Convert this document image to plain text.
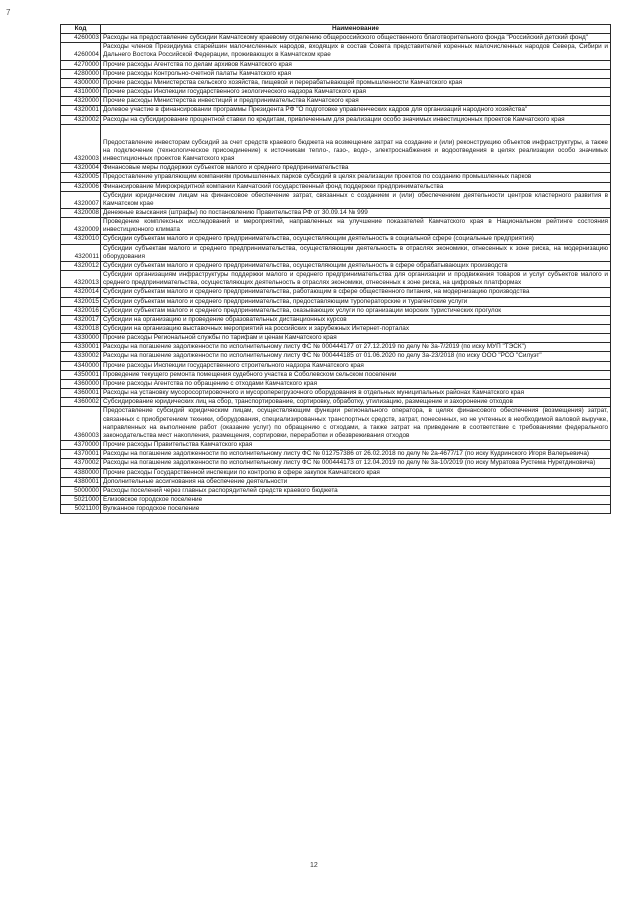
7
Код	Наименование
4260003	Расходы на предоставление субсидии Камчатскому краевому отделению общероссийского общественного благотворительного фонда "Российский детский фонд"
4260004	Расходы членов Президиума старейшин малочисленных народов, входящих в состав Совета представителей коренных малочисленных народов Севера, Сибири и Дальнего Востока Российской Федерации, проживающих в Камчатском крае
4270000	Прочие расходы Агентства по делам архивов Камчатского края
4280000	Прочие расходы Контрольно-счетной палаты Камчатского края
4300000	Прочие расходы Министерства сельского хозяйства, пищевой и перерабатывающей промышленности Камчатского края
4310000	Прочие расходы Инспекции государственного экологического надзора Камчатского края
4320000	Прочие расходы Министерства инвестиций и предпринимательства Камчатского края
4320001	Долевое участие в финансировании программы Президента РФ "О подготовке управленческих кадров для организаций народного хозяйства"
4320002	Расходы на субсидирование процентной ставки по кредитам, привлеченным для реализации особо значимых инвестиционных проектов Камчатского края
4320003	Предоставление инвесторам субсидий за счет средств краевого бюджета на возмещение затрат на создание и (или) реконструкцию объектов инфраструктуры, а также на подключение (технологическое присоединение) к источникам тепло-, газо-, водо-, электроснабжения и водоотведения в целях реализации особо значимых инвестиционных проектов Камчатского края
4320004	Финансовые меры поддержки субъектов малого и среднего предпринимательства
4320005	Предоставление управляющим компаниям промышленных парков субсидий в целях реализации проектов по созданию промышленных парков
4320006	Финансирование Микрокредитной компании Камчатский государственный фонд поддержки предпринимательства
4320007	Субсидии юридическим лицам на финансовое обеспечение затрат, связанных с созданием и (или) обеспечением деятельности центров кластерного развития в Камчатском крае
4320008	Денежные взыскания (штрафы) по постановлению Правительства РФ от 30.09.14 № 999
4320009	Проведение комплексных исследований и мероприятий, направленных на улучшение показателей Камчатского края в Национальном рейтинге состояния инвестиционного климата
4320010	Субсидии субъектам малого и среднего предпринимательства, осуществляющим деятельность в социальной сфере (социальные предприятия)
4320011	Субсидии субъектам малого и среднего предпринимательства, осуществляющим деятельность в отраслях экономики, отнесенных к зоне риска, на модернизацию оборудования
4320012	Субсидии субъектам малого и среднего предпринимательства, осуществляющим деятельность в сфере обрабатывающих производств
4320013	Субсидии организациям инфраструктуры поддержки малого и среднего предпринимательства для организации и продвижения товаров и услуг субъектов малого и среднего предпринимательства, осуществляющих деятельность в отраслях экономики, отнесенных к зоне риска, на цифровых платформах
4320014	Субсидии субъектам малого и среднего предпринимательства, работающим в сфере общественного питания, на модернизацию производства
4320015	Субсидии субъектам малого и среднего предпринимательства, предоставляющим туроператорские и турагентские услуги
4320016	Субсидии субъектам малого и среднего предпринимательства, оказывающих услуги по организации морских туристических прогулок
4320017	Субсидии на организацию и проведение образовательных дистанционных курсов
4320018	Субсидии на организацию выставочных мероприятий на российских и зарубежных Интернет-порталах
4330000	Прочие расходы Региональной службы по тарифам и ценам Камчатского края
4330001	Расходы на погашение задолженности по исполнительному листу ФС № 000444177 от 27.12.2019 по делу № 3а-7/2019 (по иску МУП "ТЭСК")
4330002	Расходы на погашение задолженности по исполнительному листу ФС № 000444185 от 01.06.2020 по делу 3а-23/2018 (по иску ООО "РСО "Силуэт"
4340000	Прочие расходы Инспекции государственного строительного надзора Камчатского края
4350001	Проведение текущего ремонта помещения судебного участка в Соболевском сельском поселении
4360000	Прочие расходы Агентства по обращению с отходами Камчатского края
4360001	Расходы на установку мусоросортировочного и мусороперегрузочного оборудования в отдельных муниципальных районах Камчатского края
4360002	Субсидирование юридических лиц на сбор, транспортирование, сортировку, обработку, утилизацию, размещение и захоронение отходов
4360003	Предоставление субсидий юридическим лицам, осуществляющим функции регионального оператора, в целях финансового обеспечения (возмещения) затрат, связанных с приобретением техники, оборудования, специализированных транспортных средств, затрат, понесенных, но не учтенных в необходимой валовой выручке, направленных на выполнение работ (оказание услуг) по обращению с отходами, а также затрат на приведение в соответствие с требованиями федерального законодательства мест накопления, размещения, сортировки, переработки и обезвреживания отходов
4370000	Прочие расходы Правительства Камчатского края
4370001	Расходы на погашение задолженности по исполнительному листу ФС № 012757386 от 26.02.2018 по делу № 2а-4677/17 (по иску Кудринского Игоря Валерьевича)
4370002	Расходы на погашение задолженности по исполнительному листу ФС № 000444173 от 12.04.2019 по делу № 3а-10/2019 (по иску Муратова Рустема Нуретдиновича)
4380000	Прочие расходы Государственной инспекции по контролю в сфере закупок Камчатского края
4380001	Дополнительные ассигнования на обеспечение деятельности
5000000	Расходы поселений через главных распорядителей средств краевого бюджета
5021000	Елизовское городское поселение
5021100	Вулканное городское поселение
12
